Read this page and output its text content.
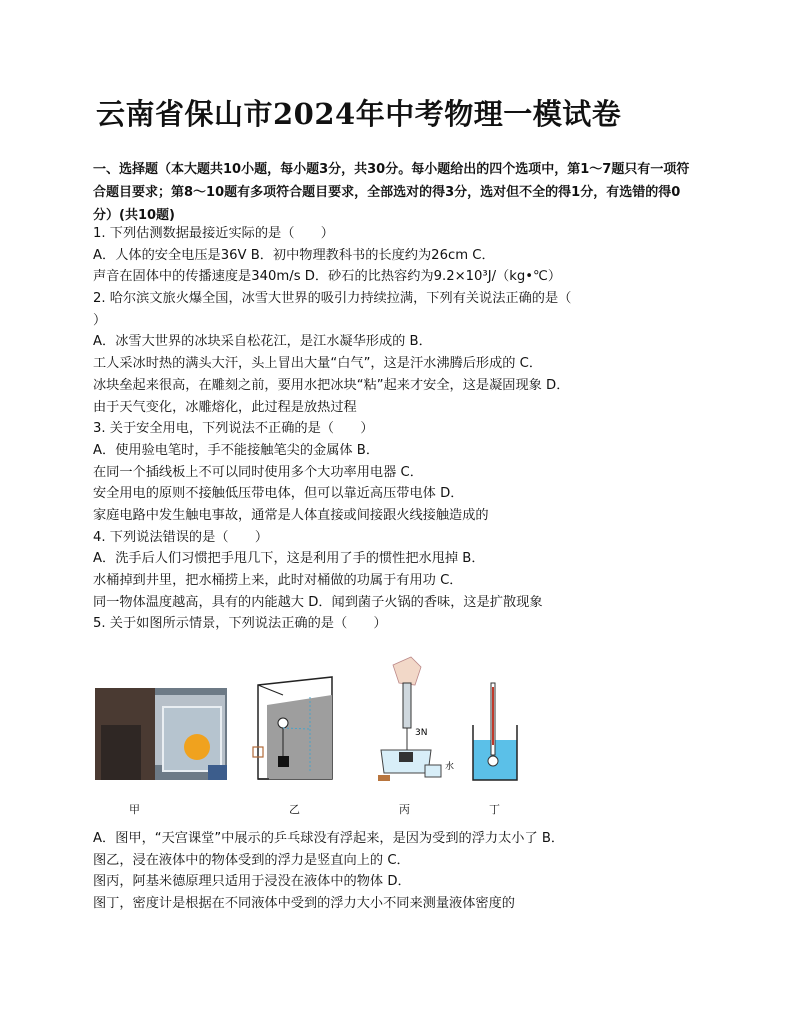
云南省保山市2024年中考物理一模试卷
一、选择题（本大题共10小题，每小题3分，共30分。每小题给出的四个选项中，第1～7题只有一项符合题目要求；第8～10题有多项符合题目要求，全部选对的得3分，选对但不全的得1分，有选错的得0分）(共10题)
1. 下列估测数据最接近实际的是（　　）
A．人体的安全电压是36V B．初中物理教科书的长度约为26cm C．
声音在固体中的传播速度是340m/s D．砂石的比热容约为9.2×10³J/（kg•℃）
2. 哈尔滨文旅火爆全国，冰雪大世界的吸引力持续拉满，下列有关说法正确的是（
）
A．冰雪大世界的冰块采自松花江，是江水凝华形成的 B．
工人采冰时热的满头大汗，头上冒出大量“白气”，这是汗水沸腾后形成的 C．
冰块垒起来很高，在雕刻之前，要用水把冰块“粘”起来才安全，这是凝固现象 D．
由于天气变化，冰雕熔化，此过程是放热过程
3. 关于安全用电，下列说法不正确的是（　　）
A．使用验电笔时，手不能接触笔尖的金属体 B．
在同一个插线板上不可以同时使用多个大功率用电器 C．
安全用电的原则不接触低压带电体，但可以靠近高压带电体 D．
家庭电路中发生触电事故，通常是人体直接或间接跟火线接触造成的
4. 下列说法错误的是（　　）
A．洗手后人们习惯把手甩几下，这是利用了手的惯性把水甩掉 B．
水桶掉到井里，把水桶捞上来，此时对桶做的功属于有用功 C．
同一物体温度越高，具有的内能越大 D．闻到菌子火锅的香味，这是扩散现象
5. 关于如图所示情景，下列说法正确的是（　　）
3N
水
甲	乙	丙	丁
A．图甲，“天宫课堂”中展示的乒乓球没有浮起来，是因为受到的浮力太小了 B．
图乙，浸在液体中的物体受到的浮力是竖直向上的 C．
图丙，阿基米德原理只适用于浸没在液体中的物体 D．
图丁，密度计是根据在不同液体中受到的浮力大小不同来测量液体密度的
